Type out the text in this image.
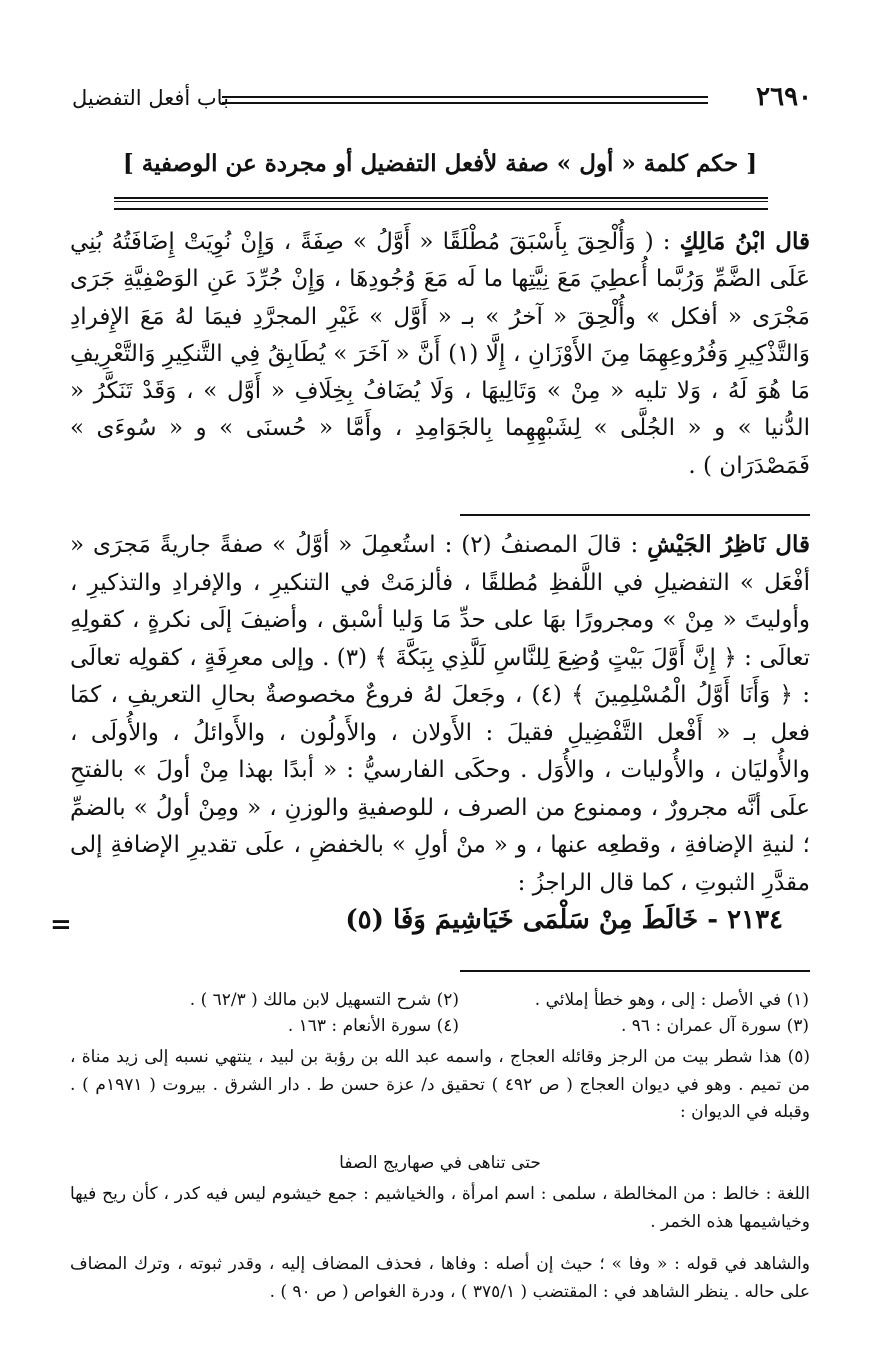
٢٦٩٠
باب أفعل التفضيل
[ حكم كلمة « أول » صفة لأفعل التفضيل أو مجردة عن الوصفية ]
قال ابْنُ مَالِكٍ : ( وَأُلْحِقَ بِأَسْبَقَ مُطْلَقًا « أَوَّلُ » صِفَةً ، وَإِنْ نُوِيَتْ إِضَافَتُهُ بُنِي عَلَى الضَّمِّ وَرُبَّما أُعطِيَ مَعَ نِيَّتِها ما لَه مَعَ وُجُودِهَا ، وَإِنْ جُرِّدَ عَنِ الوَصْفِيَّةِ جَرَى مَجْرَى « أفكل » وأُلْحِقَ « آخرُ » بـ « أَوَّل » غَيْرِ المجرَّدِ فيمَا لهُ مَعَ الإِفرادِ وَالتَّذْكِيرِ وَفُرُوعِهِمَا مِنَ الأَوْزَانِ ، إِلَّا (١) أَنَّ « آخَرَ » يُطَابِقُ فِي التَّنكِيرِ وَالتَّعْرِيفِ مَا هُوَ لَهُ ، وَلا تليه « مِنْ » وَتَالِيهَا ، وَلَا يُضَافُ بِخِلَافِ « أَوَّل » ، وَقَدْ تَنَكَّرُ « الدُّنيا » و « الجُلَّى » لِشَبْهِهِما بِالجَوَامِدِ ، وأَمَّا « حُسنَى » و « سُوءَى » فَمَصْدَرَان ) .
قال نَاظِرُ الجَيْشِ : قالَ المصنفُ (٢) : استُعمِلَ « أوَّلُ » صفةً جاريةً مَجرَى « أفْعَل » التفضيلِ في اللَّفظِ مُطلقًا ، فألزمَتْ في التنكيرِ ، والإفرادِ والتذكيرِ ، وأوليتَ « مِنْ » ومجرورًا بهَا على حدِّ مَا وَليا أسْبق ، وأضيفَ إلَى نكرةٍ ، كقولِهِ تعالَى : ﴿ إِنَّ أَوَّلَ بَيْتٍ وُضِعَ لِلنَّاسِ لَلَّذِي بِبَكَّةَ ﴾ (٣) . وإلى معرِفَةٍ ، كقولِه تعالَى : ﴿ وَأَنَا أَوَّلُ الْمُسْلِمِينَ ﴾ (٤) ، وجَعلَ لهُ فروعٌ مخصوصةٌ بحالِ التعريفِ ، كمَا فعل بـ « أَفْعل التَّفْضِيلِ فقيلَ : الأَولان ، والأَولُون ، والأَوائلُ ، والأُولَى ، والأُوليَان ، والأُوليات ، والأُوَل . وحكَى الفارسيُّ : « أبدًا بهذا مِنْ أولَ » بالفتحِ علَى أنَّه مجرورٌ ، وممنوع من الصرف ، للوصفيةِ والوزنِ ، « ومِنْ أولُ » بالضمِّ ؛ لنيةِ الإضافةِ ، وقطعِه عنها ، و « منْ أولِ » بالخفضِ ، علَى تقديرِ الإضافةِ إلى مقدَّرِ الثبوتِ ، كما قال الراجزُ :
٢١٣٤ - خَالَطَ مِنْ سَلْمَى خَيَاشِيمَ وَفَا (٥)
=
(١) في الأصل : إلى ، وهو خطأ إملائي .
(٢) شرح التسهيل لابن مالك ( ٦٢/٣ ) .
(٣) سورة آل عمران : ٩٦ .
(٤) سورة الأنعام : ١٦٣ .
(٥) هذا شطر بيت من الرجز وقائله العجاج ، واسمه عبد الله بن رؤبة بن لبيد ، ينتهي نسبه إلى زيد مناة ، من تميم . وهو في ديوان العجاج ( ص ٤٩٢ ) تحقيق د/ عزة حسن ط . دار الشرق . بيروت ( ١٩٧١م ) . وقبله في الديوان :
حتى تناهى في صهاريج الصفا
اللغة : خالط : من المخالطة ، سلمى : اسم امرأة ، والخياشيم : جمع خيشوم ليس فيه كدر ، كأن ريح فيها وخياشيمها هذه الخمر .
والشاهد في قوله : « وفا » ؛ حيث إن أصله : وفاها ، فحذف المضاف إليه ، وقدر ثبوته ، وترك المضاف على حاله . ينظر الشاهد في : المقتضب ( ٣٧٥/١ ) ، ودرة الغواص ( ص ٩٠ ) .
